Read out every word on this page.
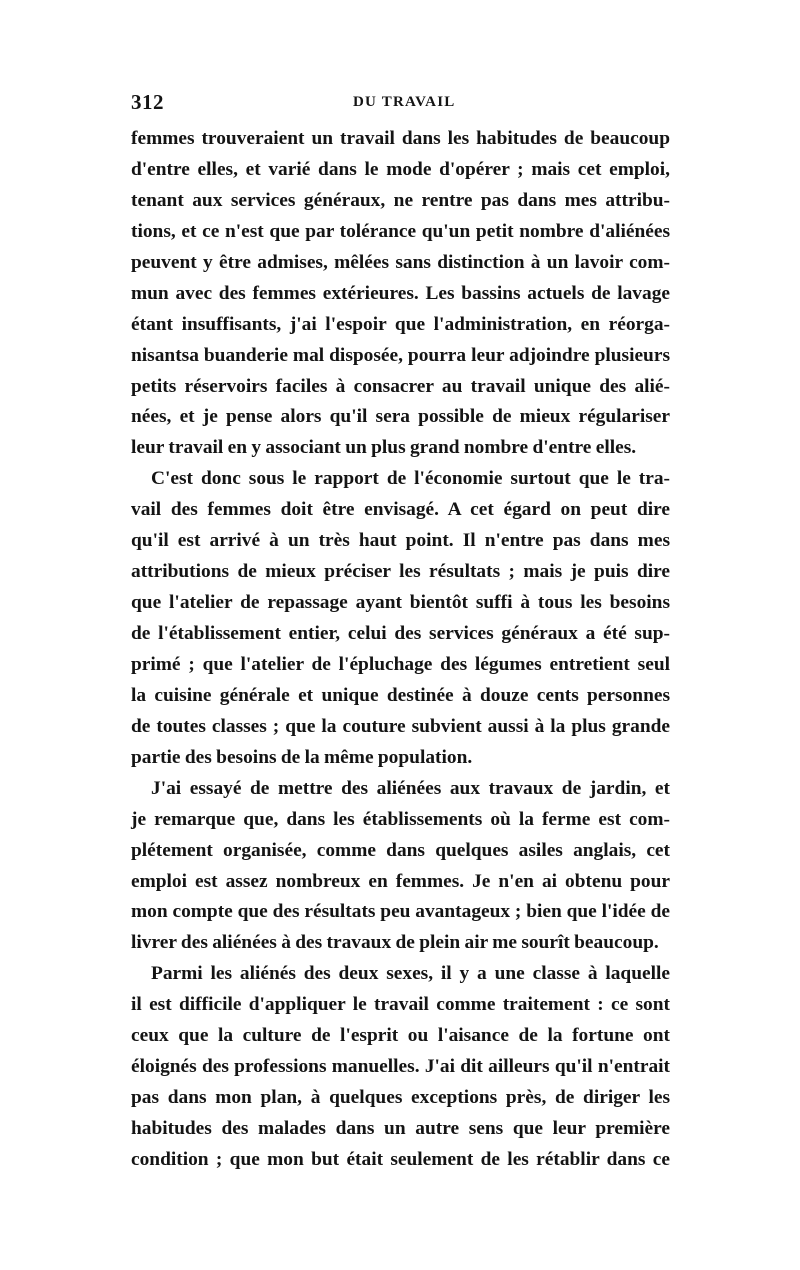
312	DU TRAVAIL
femmes trouveraient un travail dans les habitudes de beaucoup
d'entre elles, et varié dans le mode d'opérer ; mais cet emploi,
tenant aux services généraux, ne rentre pas dans mes attribu-
tions, et ce n'est que par tolérance qu'un petit nombre d'aliénées
peuvent y être admises, mêlées sans distinction à un lavoir com-
mun avec des femmes extérieures. Les bassins actuels de lavage
étant insuffisants, j'ai l'espoir que l'administration, en réorga-
nisantsa buanderie mal disposée, pourra leur adjoindre plusieurs
petits réservoirs faciles à consacrer au travail unique des alié-
nées, et je pense alors qu'il sera possible de mieux régulariser
leur travail en y associant un plus grand nombre d'entre elles.
C'est donc sous le rapport de l'économie surtout que le tra-
vail des femmes doit être envisagé. A cet égard on peut dire
qu'il est arrivé à un très haut point. Il n'entre pas dans mes
attributions de mieux préciser les résultats ; mais je puis dire
que l'atelier de repassage ayant bientôt suffi à tous les besoins
de l'établissement entier, celui des services généraux a été sup-
primé ; que l'atelier de l'épluchage des légumes entretient seul
la cuisine générale et unique destinée à douze cents personnes
de toutes classes ; que la couture subvient aussi à la plus grande
partie des besoins de la même population.
J'ai essayé de mettre des aliénées aux travaux de jardin, et
je remarque que, dans les établissements où la ferme est com-
plétement organisée, comme dans quelques asiles anglais, cet
emploi est assez nombreux en femmes. Je n'en ai obtenu pour
mon compte que des résultats peu avantageux ; bien que l'idée de
livrer des aliénées à des travaux de plein air me sourît beaucoup.
Parmi les aliénés des deux sexes, il y a une classe à laquelle
il est difficile d'appliquer le travail comme traitement : ce sont
ceux que la culture de l'esprit ou l'aisance de la fortune ont
éloignés des professions manuelles. J'ai dit ailleurs qu'il n'entrait
pas dans mon plan, à quelques exceptions près, de diriger les
habitudes des malades dans un autre sens que leur première
condition ; que mon but était seulement de les rétablir dans ce
